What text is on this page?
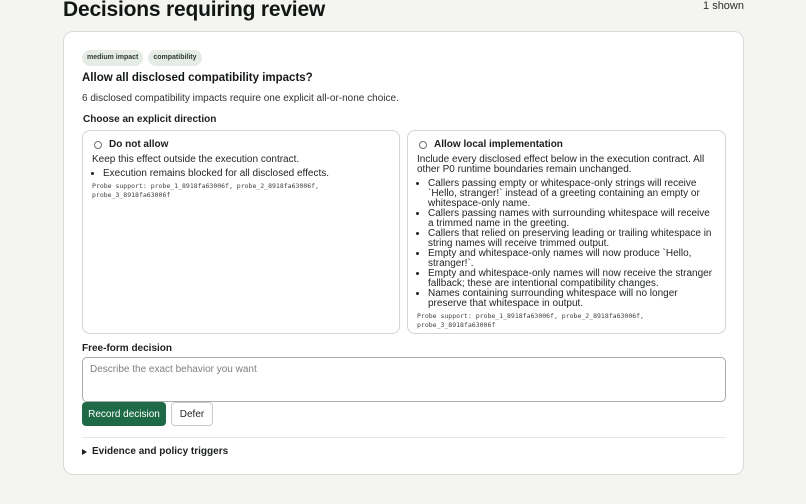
Decisions requiring review	1 shown
medium impact	compatibility
Allow all disclosed compatibility impacts?
6 disclosed compatibility impacts require one explicit all-or-none choice.
Choose an explicit direction
Do not allow

Keep this effect outside the execution contract.

• Execution remains blocked for all disclosed effects.
Probe support: probe_1_8918fa63006f, probe_2_8918fa63006f, probe_3_8918fa63006f
Allow local implementation

Include every disclosed effect below in the execution contract. All other P0 runtime boundaries remain unchanged.

• Callers passing empty or whitespace-only strings will receive `Hello, stranger!` instead of a greeting containing an empty or whitespace-only name.
• Callers passing names with surrounding whitespace will receive a trimmed name in the greeting.
• Callers that relied on preserving leading or trailing whitespace in string names will receive trimmed output.
• Empty and whitespace-only names will now produce `Hello, stranger!`.
• Empty and whitespace-only names will now receive the stranger fallback; these are intentional compatibility changes.
• Names containing surrounding whitespace will no longer preserve that whitespace in output.
Probe support: probe_1_8918fa63006f, probe_2_8918fa63006f, probe_3_8918fa63006f
Free-form decision
Describe the exact behavior you want
Record decision	Defer
Evidence and policy triggers
